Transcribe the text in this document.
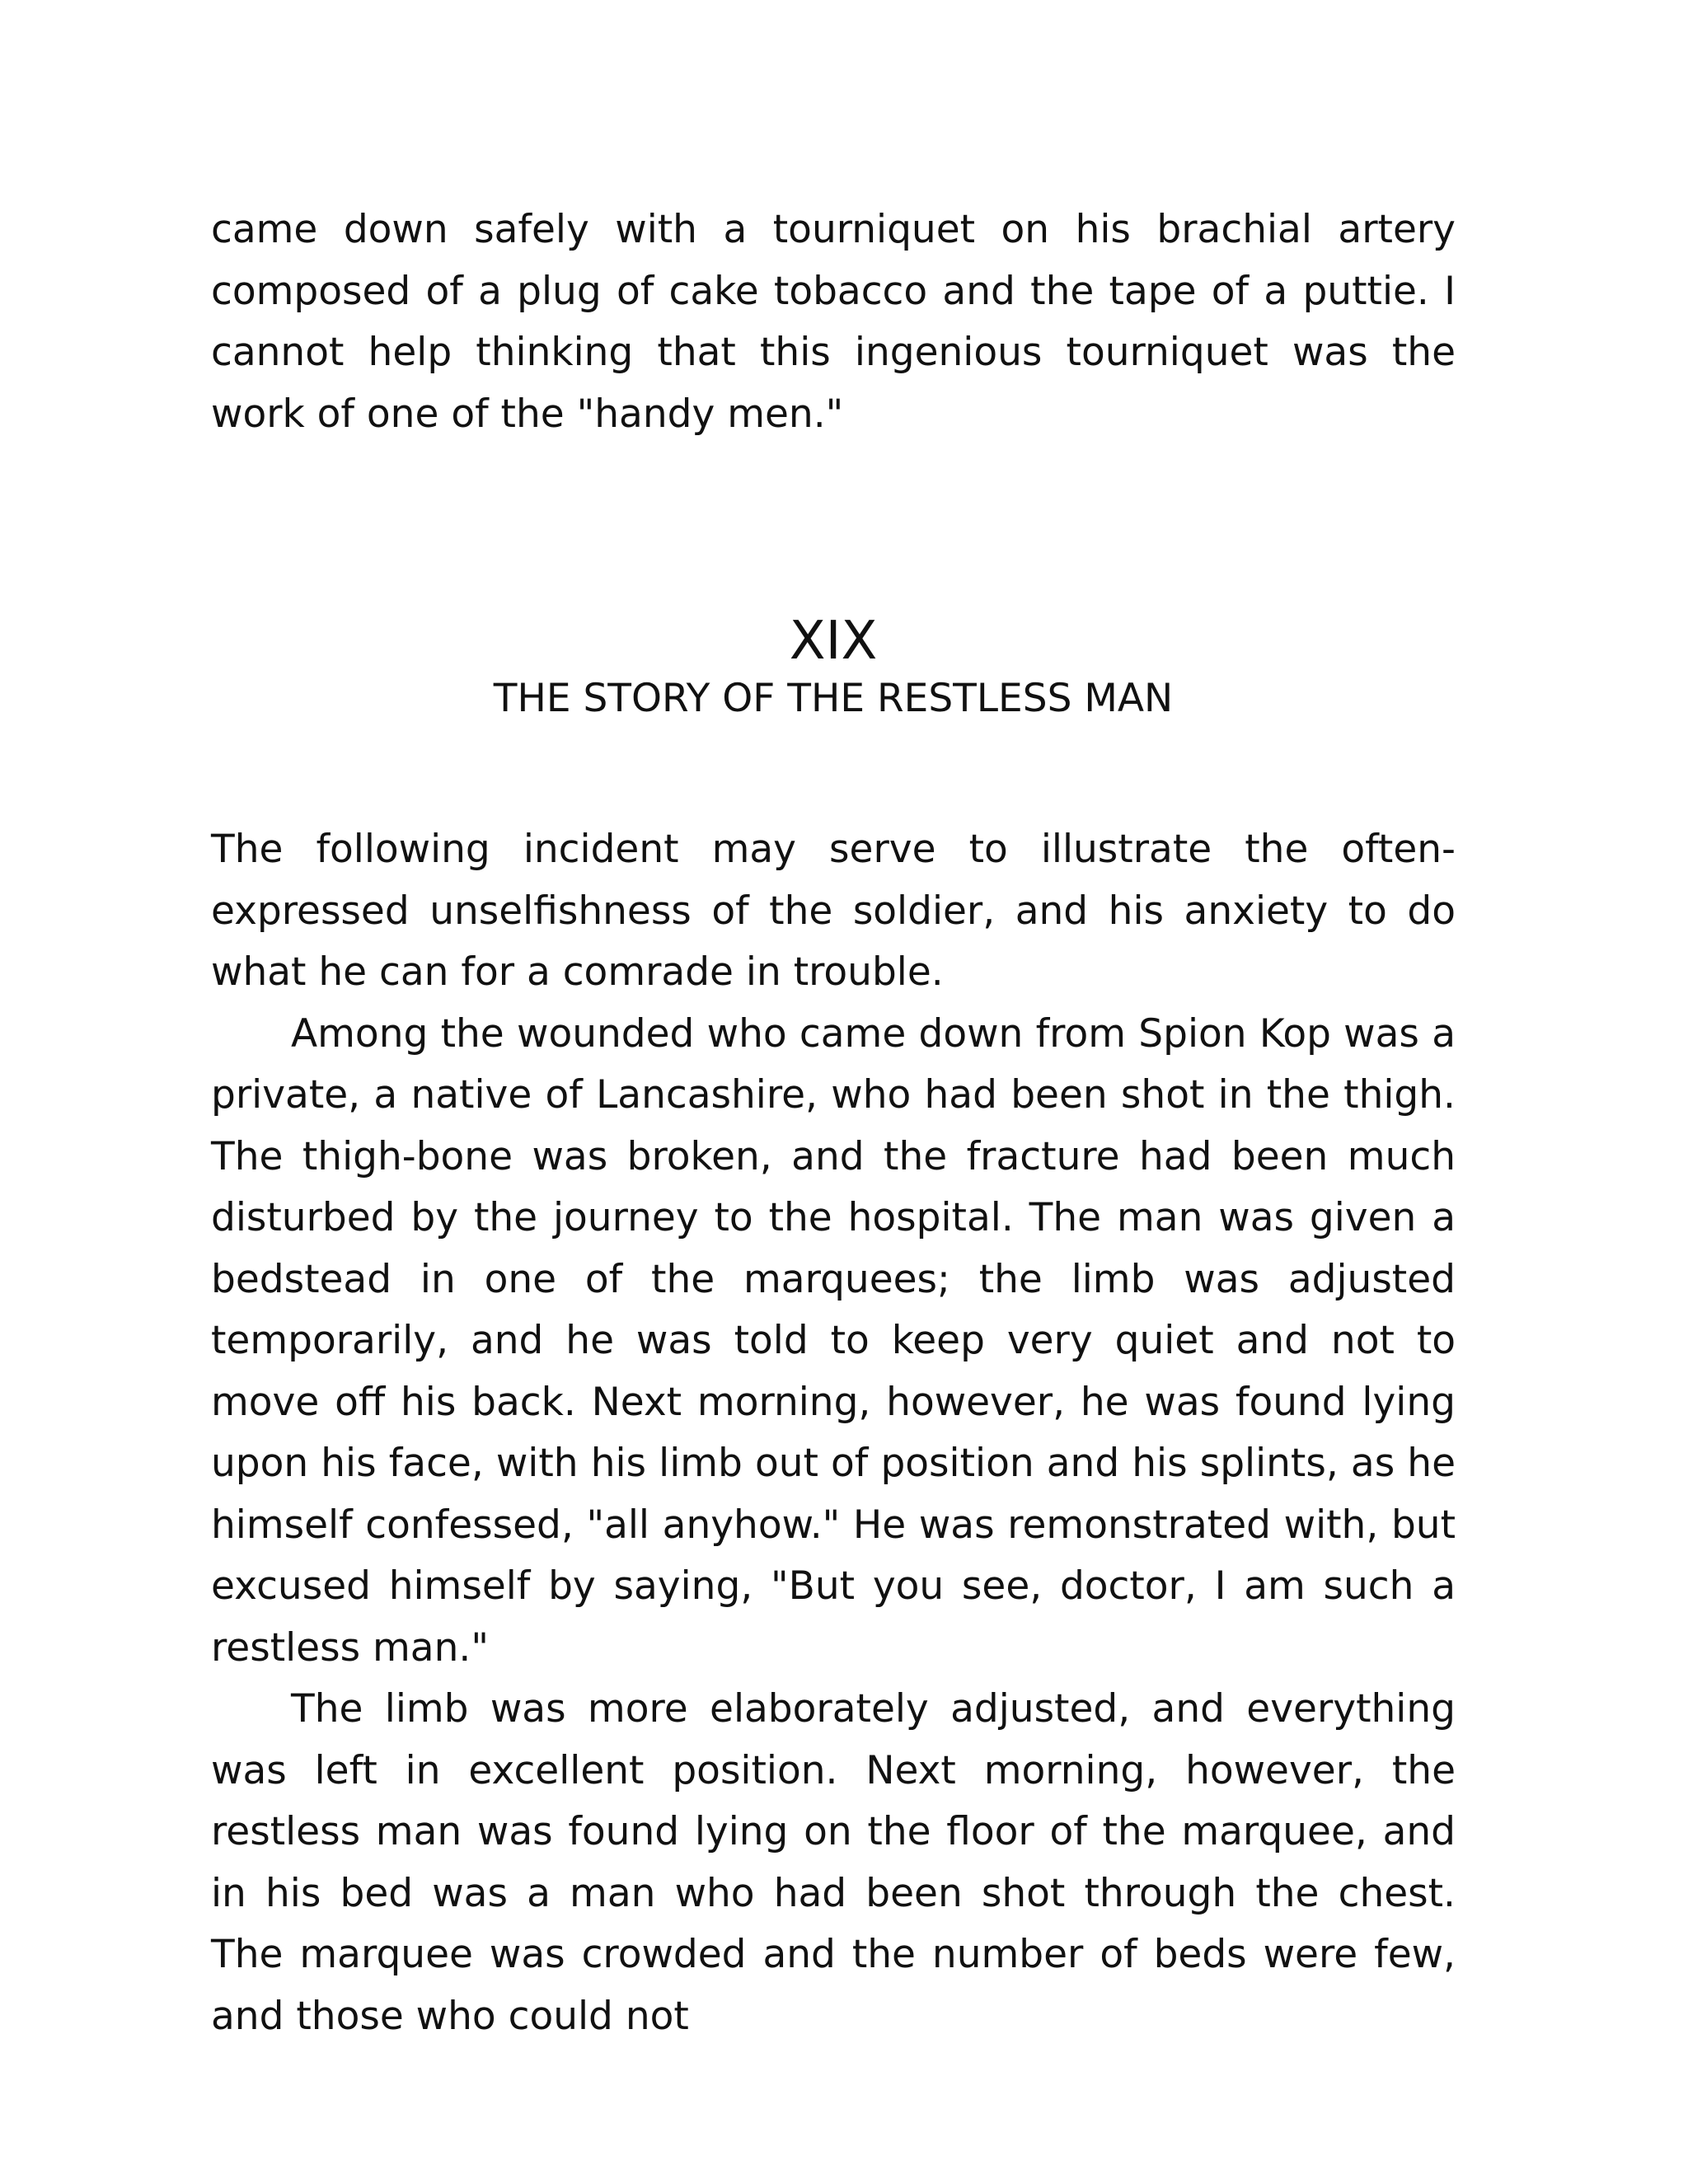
came down safely with a tourniquet on his brachial artery composed of a plug of cake tobacco and the tape of a puttie. I cannot help thinking that this ingenious tourniquet was the work of one of the "handy men."

XIX
THE STORY OF THE RESTLESS MAN

The following incident may serve to illustrate the often-expressed unselfishness of the soldier, and his anxiety to do what he can for a comrade in trouble.

Among the wounded who came down from Spion Kop was a private, a native of Lancashire, who had been shot in the thigh. The thigh-bone was broken, and the fracture had been much disturbed by the journey to the hospital. The man was given a bedstead in one of the marquees; the limb was adjusted temporarily, and he was told to keep very quiet and not to move off his back. Next morning, however, he was found lying upon his face, with his limb out of position and his splints, as he himself confessed, "all anyhow." He was remonstrated with, but excused himself by saying, "But you see, doctor, I am such a restless man."

The limb was more elaborately adjusted, and everything was left in excellent position. Next morning, however, the restless man was found lying on the floor of the marquee, and in his bed was a man who had been shot through the chest. The marquee was crowded and the number of beds were few, and those who could not
